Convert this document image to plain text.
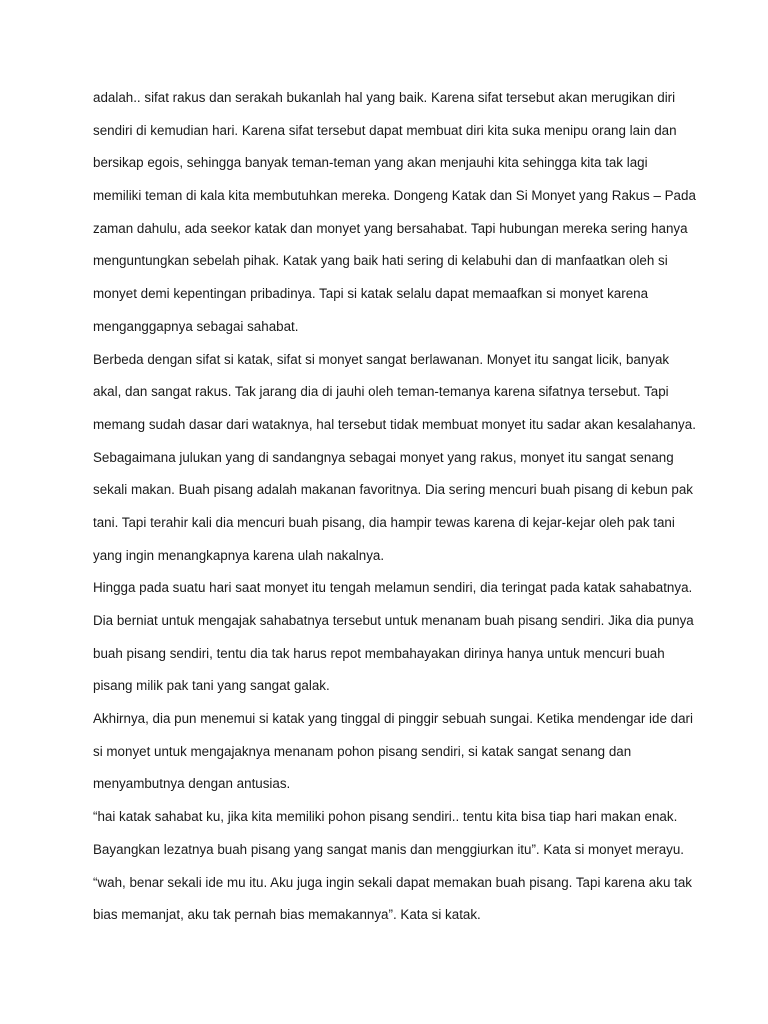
adalah.. sifat rakus dan serakah bukanlah hal yang baik. Karena sifat tersebut akan merugikan diri
sendiri di kemudian hari. Karena sifat tersebut dapat membuat diri kita suka menipu orang lain dan
bersikap egois, sehingga banyak teman-teman yang akan menjauhi kita sehingga kita tak lagi
memiliki teman di kala kita membutuhkan mereka. Dongeng Katak dan Si Monyet yang Rakus – Pada
zaman dahulu, ada seekor katak dan monyet yang bersahabat. Tapi hubungan mereka sering hanya
menguntungkan sebelah pihak. Katak yang baik hati sering di kelabuhi dan di manfaatkan oleh si
monyet demi kepentingan pribadinya. Tapi si katak selalu dapat memaafkan si monyet karena
menganggapnya sebagai sahabat.

Berbeda dengan sifat si katak, sifat si monyet sangat berlawanan. Monyet itu sangat licik, banyak
akal, dan sangat rakus. Tak jarang dia di jauhi oleh teman-temanya karena sifatnya tersebut. Tapi
memang sudah dasar dari wataknya, hal tersebut tidak membuat monyet itu sadar akan kesalahanya.
Sebagaimana julukan yang di sandangnya sebagai monyet yang rakus, monyet itu sangat senang
sekali makan. Buah pisang adalah makanan favoritnya. Dia sering mencuri buah pisang di kebun pak
tani. Tapi terahir kali dia mencuri buah pisang, dia hampir tewas karena di kejar-kejar oleh pak tani
yang ingin menangkapnya karena ulah nakalnya.

Hingga pada suatu hari saat monyet itu tengah melamun sendiri, dia teringat pada katak sahabatnya.
Dia berniat untuk mengajak sahabatnya tersebut untuk menanam buah pisang sendiri. Jika dia punya
buah pisang sendiri, tentu dia tak harus repot membahayakan dirinya hanya untuk mencuri buah
pisang milik pak tani yang sangat galak.

Akhirnya, dia pun menemui si katak yang tinggal di pinggir sebuah sungai. Ketika mendengar ide dari
si monyet untuk mengajaknya menanam pohon pisang sendiri, si katak sangat senang dan
menyambutnya dengan antusias.

“hai katak sahabat ku, jika kita memiliki pohon pisang sendiri.. tentu kita bisa tiap hari makan enak.
Bayangkan lezatnya buah pisang yang sangat manis dan menggiurkan itu”. Kata si monyet merayu.

“wah, benar sekali ide mu itu. Aku juga ingin sekali dapat memakan buah pisang. Tapi karena aku tak
bias memanjat, aku tak pernah bias memakannya”. Kata si katak.
